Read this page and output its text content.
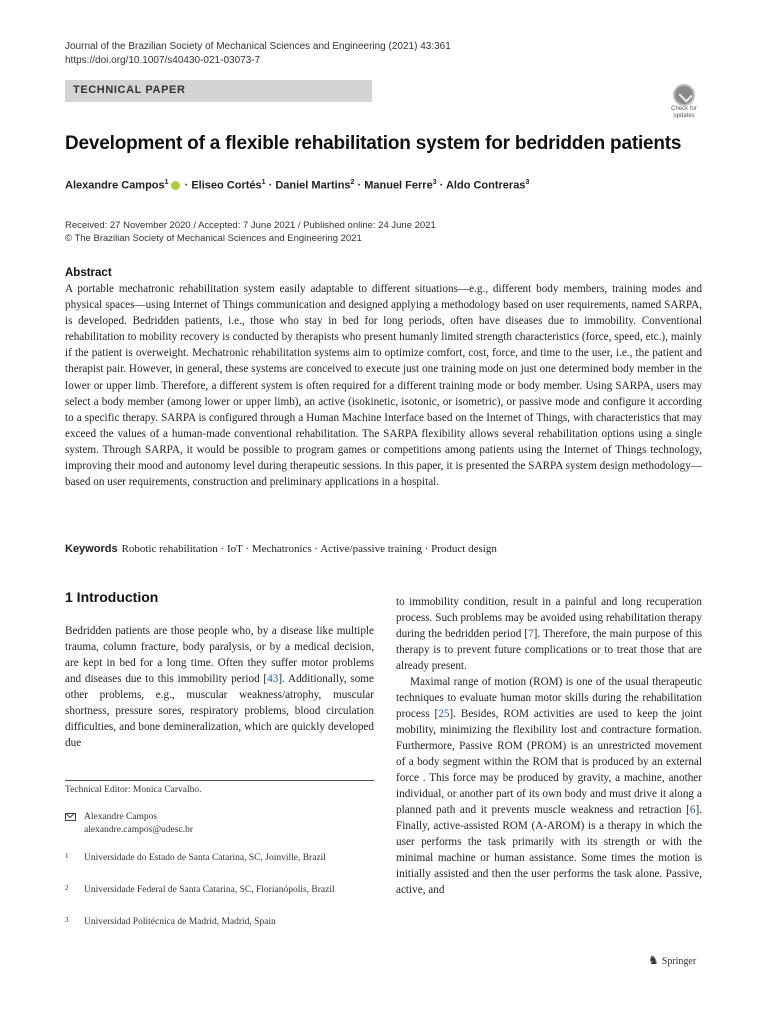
Journal of the Brazilian Society of Mechanical Sciences and Engineering (2021) 43:361
https://doi.org/10.1007/s40430-021-03073-7
TECHNICAL PAPER
Check for
updates
Development of a flexible rehabilitation system for bedridden patients
Alexandre Campos$^1$ · Eliseo Cortés$^1$ · Daniel Martins$^2$ · Manuel Ferre$^3$ · Aldo Contreras$^3$
Received: 27 November 2020 / Accepted: 7 June 2021 / Published online: 24 June 2021
© The Brazilian Society of Mechanical Sciences and Engineering 2021
Abstract
A portable mechatronic rehabilitation system easily adaptable to different situations—e.g., different body members, training modes and physical spaces—using Internet of Things communication and designed applying a methodology based on user requirements, named SARPA, is developed. Bedridden patients, i.e., those who stay in bed for long periods, often have diseases due to immobility. Conventional rehabilitation to mobility recovery is conducted by therapists who present humanly limited strength characteristics (force, speed, etc.), mainly if the patient is overweight. Mechatronic rehabilitation systems aim to optimize comfort, cost, force, and time to the user, i.e., the patient and therapist pair. However, in general, these systems are conceived to execute just one training mode on just one determined body member in the lower or upper limb. Therefore, a different system is often required for a different training mode or body member. Using SARPA, users may select a body member (among lower or upper limb), an active (isokinetic, isotonic, or isometric), or passive mode and configure it according to a specific therapy. SARPA is configured through a Human Machine Interface based on the Internet of Things, with characteristics that may exceed the values of a human-made conventional rehabilitation. The SARPA flexibility allows several rehabilitation options using a single system. Through SARPA, it would be possible to program games or competitions among patients using the Internet of Things technology, improving their mood and autonomy level during therapeutic sessions. In this paper, it is presented the SARPA system design methodology—based on user requirements, construction and preliminary applications in a hospital.
Keywords Robotic rehabilitation · IoT · Mechatronics · Active/passive training · Product design
1 Introduction
Bedridden patients are those people who, by a disease like multiple trauma, column fracture, body paralysis, or by a medical decision, are kept in bed for a long time. Often they suffer motor problems and diseases due to this immobility period [43]. Additionally, some other problems, e.g., muscular weakness/atrophy, muscular shortness, pressure sores, respiratory problems, blood circulation difficulties, and bone demineralization, which are quickly developed due

to immobility condition, result in a painful and long recuperation process. Such problems may be avoided using rehabilitation therapy during the bedridden period [7]. Therefore, the main purpose of this therapy is to prevent future complications or to treat those that are already present.

Maximal range of motion (ROM) is one of the usual therapeutic techniques to evaluate human motor skills during the rehabilitation process [25]. Besides, ROM activities are used to keep the joint mobility, minimizing the flexibility lost and contracture formation. Furthermore, Passive ROM (PROM) is an unrestricted movement of a body segment within the ROM that is produced by an external force . This force may be produced by gravity, a machine, another individual, or another part of its own body and must drive it along a planned path and it prevents muscle weakness and retraction [6]. Finally, active-assisted ROM (A-AROM) is a therapy in which the user performs the task primarily with its strength or with the minimal machine or human assistance. Some times the motion is initially assisted and then the user performs the task alone. Passive, active, and

Technical Editor: Monica Carvalho.
Alexandre Campos
alexandre.campos@udesc.br
1 Universidade do Estado de Santa Catarina, SC, Joinville, Brazil
2 Universidade Federal de Santa Catarina, SC, Florianópolis, Brazil
3 Universidad Politécnica de Madrid, Madrid, Spain
♞ Springer
